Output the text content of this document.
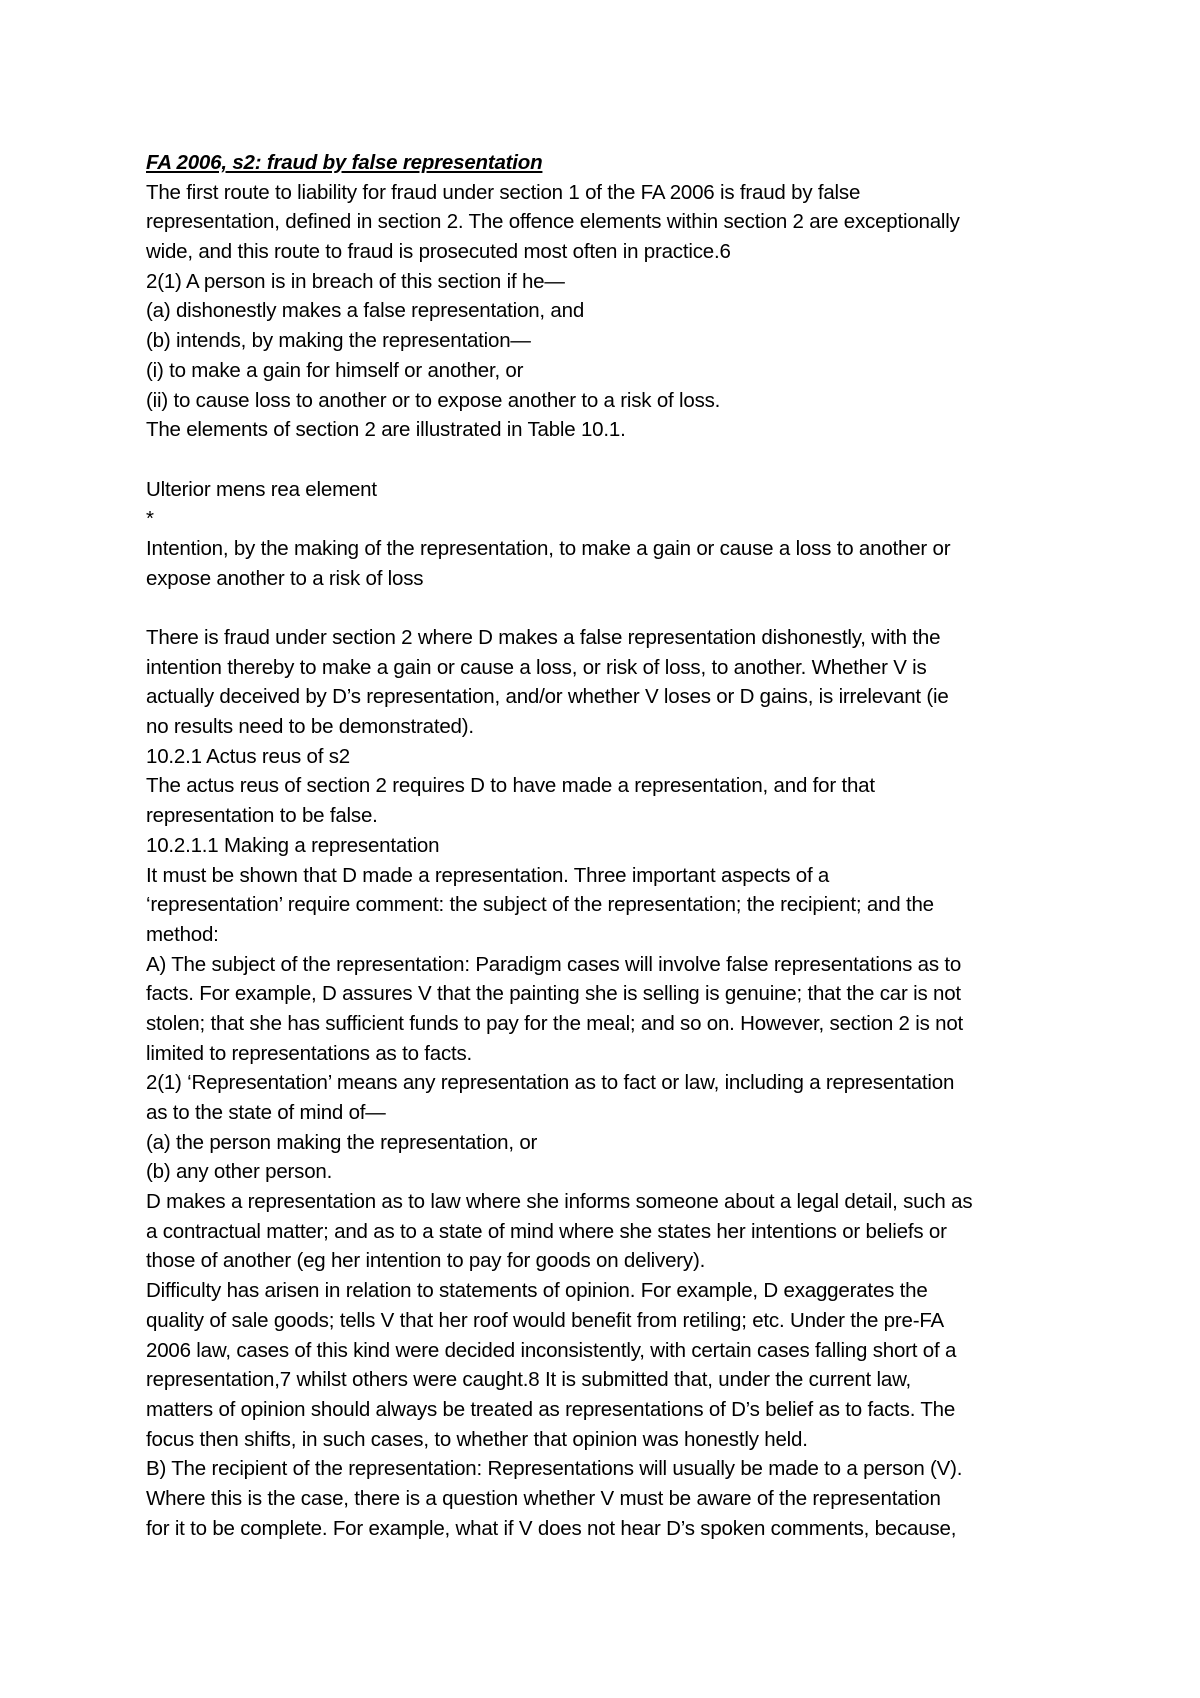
FA 2006, s2: fraud by false representation
The first route to liability for fraud under section 1 of the FA 2006 is fraud by false
representation, defined in section 2. The offence elements within section 2 are exceptionally
wide, and this route to fraud is prosecuted most often in practice.6
2(1) A person is in breach of this section if he—
(a) dishonestly makes a false representation, and
(b) intends, by making the representation—
(i) to make a gain for himself or another, or
(ii) to cause loss to another or to expose another to a risk of loss.
The elements of section 2 are illustrated in Table 10.1.
Ulterior mens rea element
*
Intention, by the making of the representation, to make a gain or cause a loss to another or
expose another to a risk of loss
There is fraud under section 2 where D makes a false representation dishonestly, with the
intention thereby to make a gain or cause a loss, or risk of loss, to another. Whether V is
actually deceived by D’s representation, and/or whether V loses or D gains, is irrelevant (ie
no results need to be demonstrated).
10.2.1 Actus reus of s2
The actus reus of section 2 requires D to have made a representation, and for that
representation to be false.
10.2.1.1 Making a representation
It must be shown that D made a representation. Three important aspects of a
‘representation’ require comment: the subject of the representation; the recipient; and the
method:
A) The subject of the representation: Paradigm cases will involve false representations as to
facts. For example, D assures V that the painting she is selling is genuine; that the car is not
stolen; that she has sufficient funds to pay for the meal; and so on. However, section 2 is not
limited to representations as to facts.
2(1) ‘Representation’ means any representation as to fact or law, including a representation
as to the state of mind of—
(a) the person making the representation, or
(b) any other person.
D makes a representation as to law where she informs someone about a legal detail, such as
a contractual matter; and as to a state of mind where she states her intentions or beliefs or
those of another (eg her intention to pay for goods on delivery).
Difficulty has arisen in relation to statements of opinion. For example, D exaggerates the
quality of sale goods; tells V that her roof would benefit from retiling; etc. Under the pre-FA
2006 law, cases of this kind were decided inconsistently, with certain cases falling short of a
representation,7 whilst others were caught.8 It is submitted that, under the current law,
matters of opinion should always be treated as representations of D’s belief as to facts. The
focus then shifts, in such cases, to whether that opinion was honestly held.
B) The recipient of the representation: Representations will usually be made to a person (V).
Where this is the case, there is a question whether V must be aware of the representation
for it to be complete. For example, what if V does not hear D’s spoken comments, because,
